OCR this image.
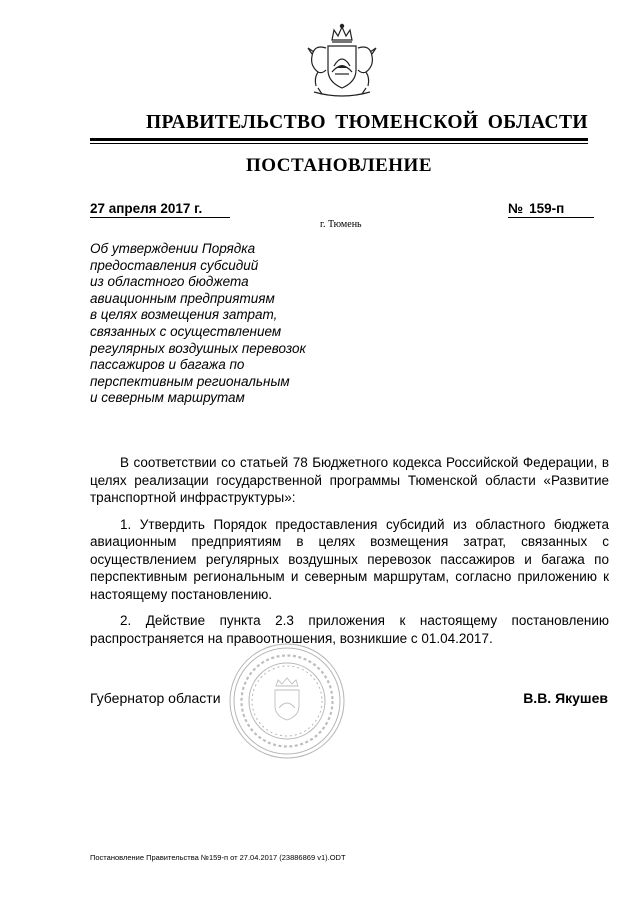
ПРАВИТЕЛЬСТВО ТЮМЕНСКОЙ ОБЛАСТИ
ПОСТАНОВЛЕНИЕ
27 апреля 2017 г.	№ 159-п
г. Тюмень
Об утверждении Порядка
предоставления субсидий
из областного бюджета
авиационным предприятиям
в целях возмещения затрат,
связанных с осуществлением
регулярных воздушных перевозок
пассажиров и багажа по
перспективным региональным
и северным маршрутам

В соответствии со статьей 78 Бюджетного кодекса Российской Федерации, в целях реализации государственной программы Тюменской области «Развитие транспортной инфраструктуры»:

1. Утвердить Порядок предоставления субсидий из областного бюджета авиационным предприятиям в целях возмещения затрат, связанных с осуществлением регулярных воздушных перевозок пассажиров и багажа по перспективным региональным и северным маршрутам, согласно приложению к настоящему постановлению.

2. Действие пункта 2.3 приложения к настоящему постановлению распространяется на правоотношения, возникшие с 01.04.2017.

Губернатор области	В.В. Якушев
Постановление Правительства №159-п от 27.04.2017 (23886869 v1).ODT
